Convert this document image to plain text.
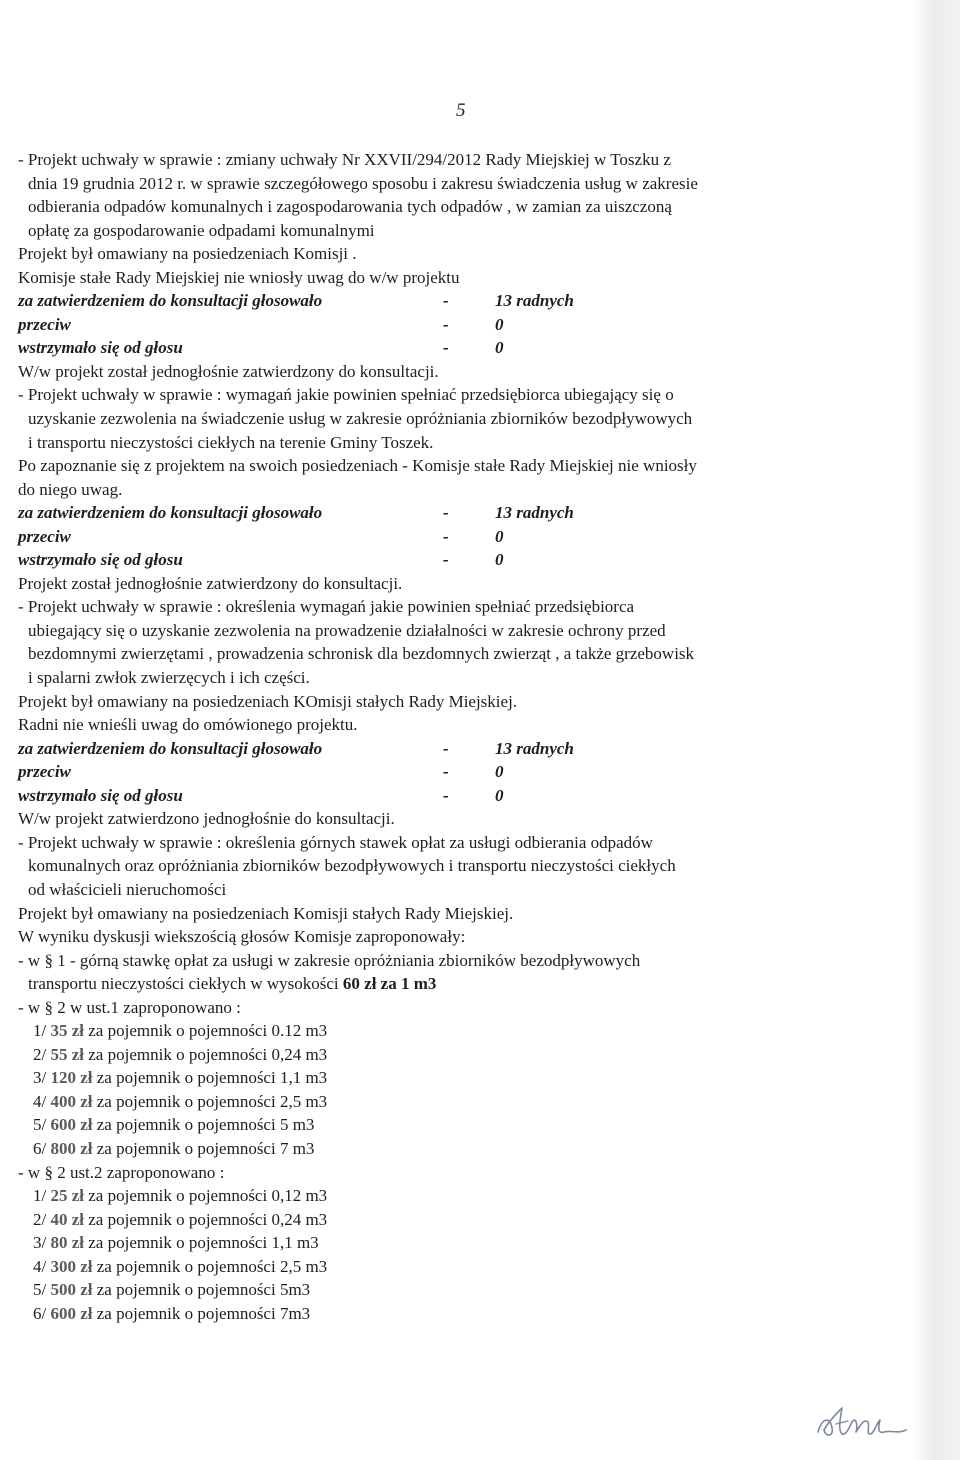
5
- Projekt uchwały w sprawie : zmiany uchwały Nr XXVII/294/2012 Rady Miejskiej w Toszku z
dnia 19 grudnia 2012 r. w sprawie szczegółowego sposobu i zakresu świadczenia usług w zakresie
odbierania odpadów komunalnych i zagospodarowania tych odpadów , w zamian za uiszczoną
opłatę za gospodarowanie odpadami komunalnymi
Projekt był omawiany na posiedzeniach Komisji .
Komisje stałe Rady Miejskiej nie wniosły uwag do w/w projektu
za zatwierdzeniem do konsultacji głosowało	-	13 radnych
przeciw	-	0
wstrzymało się od głosu	-	0
W/w projekt został jednogłośnie zatwierdzony do konsultacji.
- Projekt uchwały w sprawie : wymagań jakie powinien spełniać przedsiębiorca ubiegający się o
uzyskanie zezwolenia na świadczenie usług w zakresie opróżniania zbiorników bezodpływowych
i transportu nieczystości ciekłych na terenie Gminy Toszek.
Po zapoznanie się z projektem na swoich posiedzeniach - Komisje stałe Rady Miejskiej nie wniosły
do niego uwag.
za zatwierdzeniem do konsultacji głosowało	-	13 radnych
przeciw	-	0
wstrzymało się od głosu	-	0
Projekt został jednogłośnie zatwierdzony do konsultacji.
- Projekt uchwały w sprawie : określenia wymagań jakie powinien spełniać przedsiębiorca
ubiegający się o uzyskanie zezwolenia na prowadzenie działalności w zakresie ochrony przed
bezdomnymi zwierzętami , prowadzenia schronisk dla bezdomnych zwierząt , a także grzebowisk
i spalarni zwłok zwierzęcych i ich części.
Projekt był omawiany na posiedzeniach KOmisji stałych Rady Miejskiej.
Radni nie wnieśli uwag do omówionego projektu.
za zatwierdzeniem do konsultacji głosowało	-	13 radnych
przeciw	-	0
wstrzymało się od głosu	-	0
W/w projekt zatwierdzono jednogłośnie do konsultacji.
- Projekt uchwały w sprawie : określenia górnych stawek opłat za usługi odbierania odpadów
komunalnych oraz opróżniania zbiorników bezodpływowych i transportu nieczystości ciekłych
od właścicieli nieruchomości
Projekt był omawiany na posiedzeniach Komisji stałych Rady Miejskiej.
W wyniku dyskusji wiekszością głosów Komisje zaproponowały:
- w § 1 - górną stawkę opłat za usługi w zakresie opróżniania zbiorników bezodpływowych
transportu nieczystości ciekłych w wysokości 60 zł za 1 m3
- w § 2 w ust.1 zaproponowano :
1/ 35 zł za pojemnik o pojemności 0.12 m3
2/ 55 zł za pojemnik o pojemności 0,24 m3
3/ 120 zł za pojemnik o pojemności 1,1 m3
4/ 400 zł za pojemnik o pojemności 2,5 m3
5/ 600 zł za pojemnik o pojemności 5 m3
6/ 800 zł za pojemnik o pojemności 7 m3
- w § 2 ust.2 zaproponowano :
1/ 25 zł za pojemnik o pojemności 0,12 m3
2/ 40 zł za pojemnik o pojemności 0,24 m3
3/ 80 zł za pojemnik o pojemności 1,1 m3
4/ 300 zł za pojemnik o pojemności 2,5 m3
5/ 500 zł za pojemnik o pojemności 5m3
6/ 600 zł za pojemnik o pojemności 7m3
